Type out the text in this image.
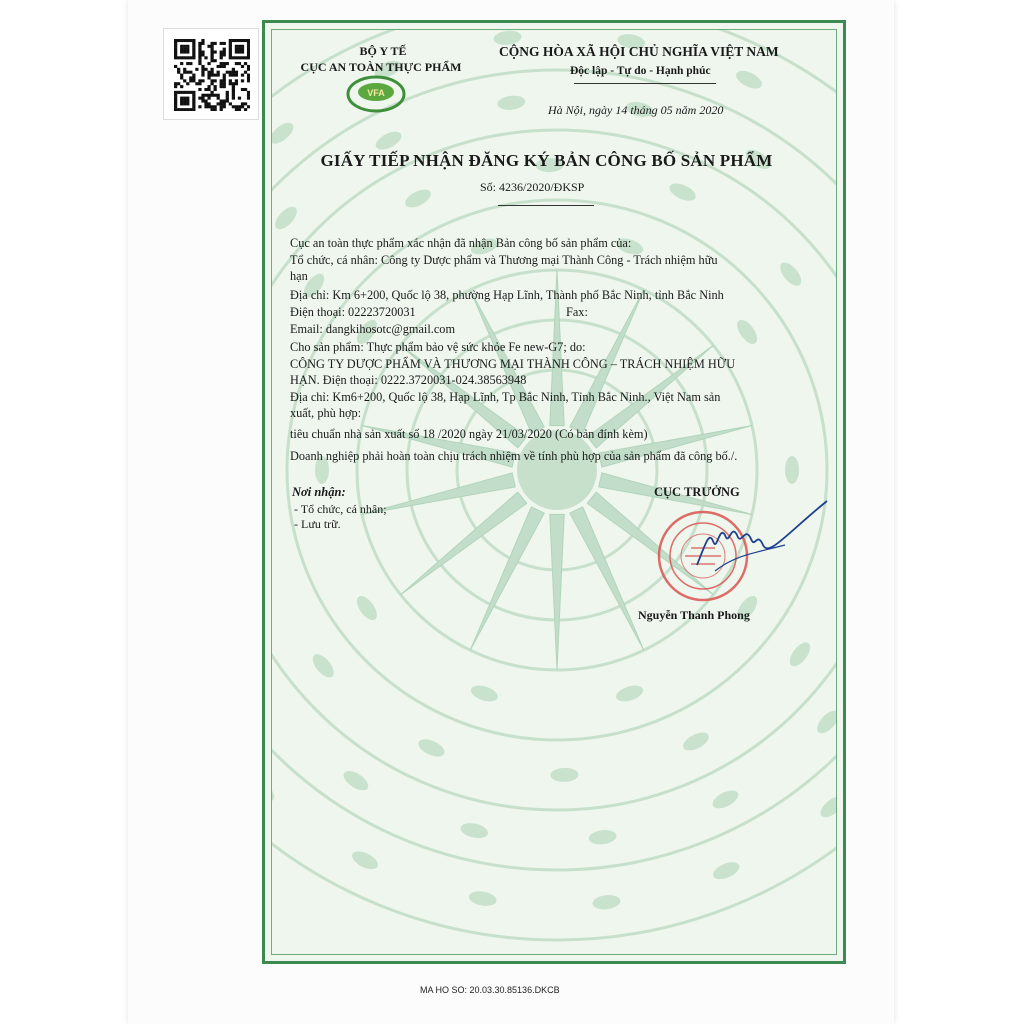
BỘ Y TẾ
CỤC AN TOÀN THỰC PHẨM
VFA
CỘNG HÒA XÃ HỘI CHỦ NGHĨA VIỆT NAM
Độc lập - Tự do - Hạnh phúc
Hà Nội, ngày 14 tháng 05 năm 2020
GIẤY TIẾP NHẬN ĐĂNG KÝ BẢN CÔNG BỐ SẢN PHẨM
Số: 4236/2020/ĐKSP
Cục an toàn thực phẩm xác nhận đã nhận Bản công bố sản phẩm của:
Tổ chức, cá nhân: Công ty Dược phẩm và Thương mại Thành Công - Trách nhiệm hữu
hạn
Địa chỉ: Km 6+200, Quốc lộ 38, phường Hạp Lĩnh, Thành phố Bắc Ninh, tỉnh Bắc Ninh
Điện thoại: 02223720031	Fax:
Email: dangkihosotc@gmail.com
Cho sản phẩm: Thực phẩm bảo vệ sức khỏe Fe new-G7; do:
CÔNG TY DƯỢC PHẨM VÀ THƯƠNG MẠI THÀNH CÔNG – TRÁCH NHIỆM HỮU
HẠN. Điện thoại: 0222.3720031-024.38563948
Địa chỉ: Km6+200, Quốc lộ 38, Hạp Lĩnh, Tp Bắc Ninh, Tỉnh Bắc Ninh., Việt Nam sản
xuất, phù hợp:
tiêu chuẩn nhà sản xuất số 18 /2020 ngày 21/03/2020 (Có bản đính kèm)
Doanh nghiệp phải hoàn toàn chịu trách nhiệm về tính phù hợp của sản phẩm đã công bố./.
Nơi nhận:
- Tổ chức, cá nhân;
- Lưu trữ.
CỤC TRƯỞNG
Nguyễn Thanh Phong
MA HO SO: 20.03.30.85136.DKCB
